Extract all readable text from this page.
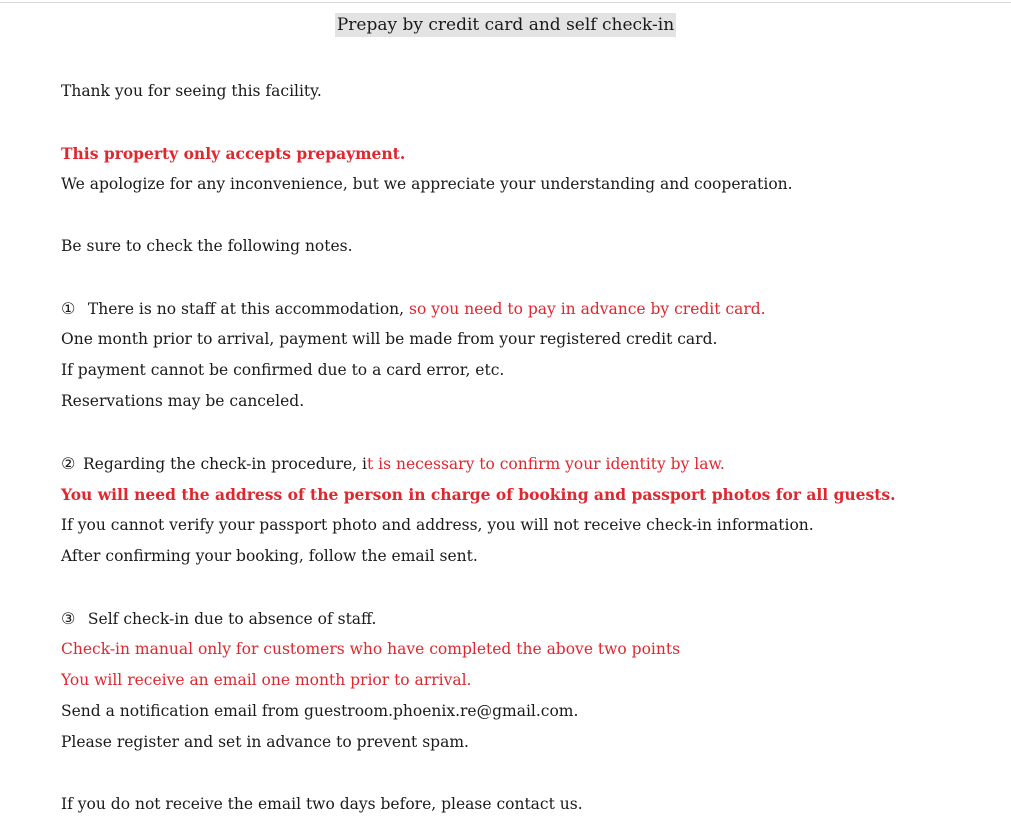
Prepay by credit card and self check-in

Thank you for seeing this facility.

This property only accepts prepayment.

We apologize for any inconvenience, but we appreciate your understanding and cooperation.

Be sure to check the following notes.

① There is no staff at this accommodation, so you need to pay in advance by credit card.

One month prior to arrival, payment will be made from your registered credit card.

If payment cannot be confirmed due to a card error, etc.

Reservations may be canceled.

② Regarding the check-in procedure, it is necessary to confirm your identity by law.

You will need the address of the person in charge of booking and passport photos for all guests.

If you cannot verify your passport photo and address, you will not receive check-in information.

After confirming your booking, follow the email sent.

③ Self check-in due to absence of staff.

Check-in manual only for customers who have completed the above two points

You will receive an email one month prior to arrival.

Send a notification email from guestroom.phoenix.re@gmail.com.

Please register and set in advance to prevent spam.

If you do not receive the email two days before, please contact us.
